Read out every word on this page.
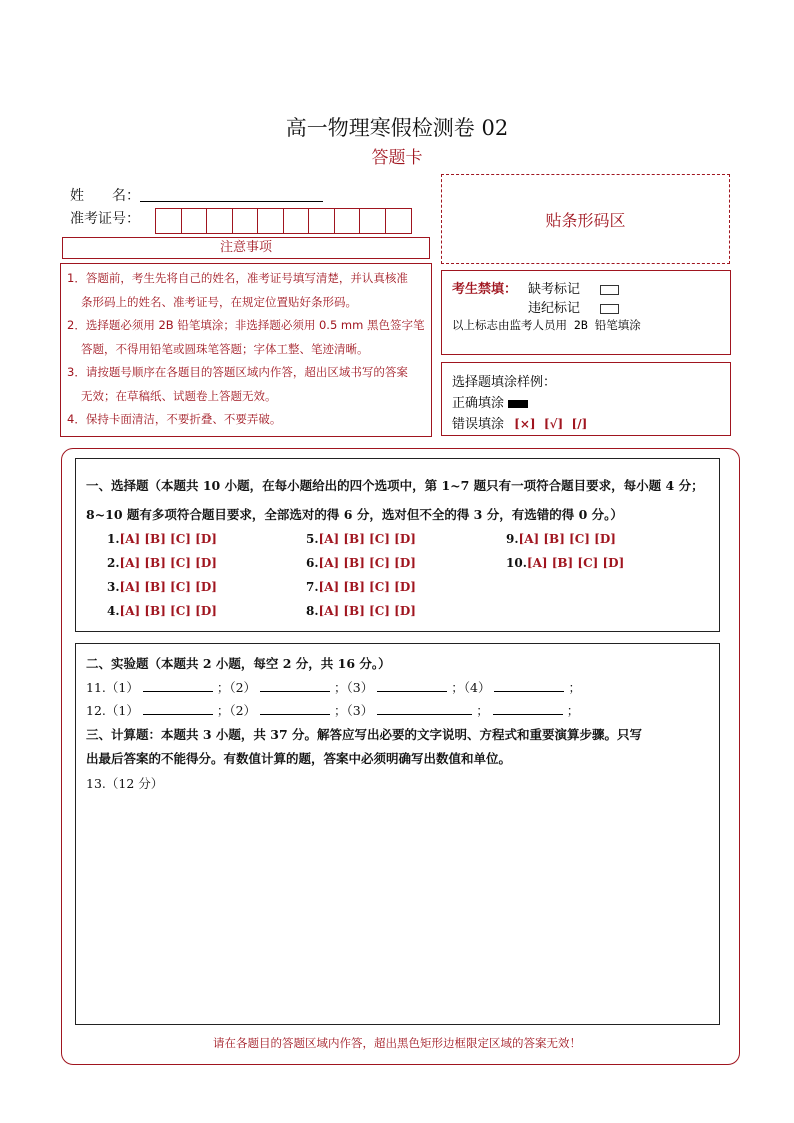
高一物理寒假检测卷 02
答题卡
姓　　名：
准考证号：	贴条形码区
注意事项

1．答题前，考生先将自己的姓名，准考证号填写清楚，并认真核准

条形码上的姓名、准考证号，在规定位置贴好条形码。

2．选择题必须用 2B 铅笔填涂；非选择题必须用 0.5 mm 黑色签字笔

答题，不得用铅笔或圆珠笔答题；字体工整、笔迹清晰。

3．请按题号顺序在各题目的答题区域内作答，超出区域书写的答案

无效；在草稿纸、试题卷上答题无效。

4．保持卡面清洁，不要折叠、不要弄破。

考生禁填： 缺考标记
违纪标记
以上标志由监考人员用 2B 铅笔填涂
选择题填涂样例：
正确填涂
错误填涂 [×]  [√]  [/]
一、选择题（本题共 10 小题，在每小题给出的四个选项中，第 1~7 题只有一项符合题目要求，每小题 4 分；
8~10 题有多项符合题目要求，全部选对的得 6 分，选对但不全的得 3 分，有选错的得 0 分。）
1.[A] [B] [C] [D]
2.[A] [B] [C] [D]
3.[A] [B] [C] [D]
4.[A] [B] [C] [D]
5.[A] [B] [C] [D]
6.[A] [B] [C] [D]
7.[A] [B] [C] [D]
8.[A] [B] [C] [D]
9.[A] [B] [C] [D]
10.[A] [B] [C] [D]
二、实验题（本题共 2 小题，每空 2 分，共 16 分。）
11.（1）	；（2）	；（3）	；（4）	；
12.（1）	；（2）	；（3）	；	；
三、计算题：本题共 3 小题，共 37 分。解答应写出必要的文字说明、方程式和重要演算步骤。只写
出最后答案的不能得分。有数值计算的题，答案中必须明确写出数值和单位。
13.（12 分）
请在各题目的答题区域内作答，超出黑色矩形边框限定区域的答案无效！
